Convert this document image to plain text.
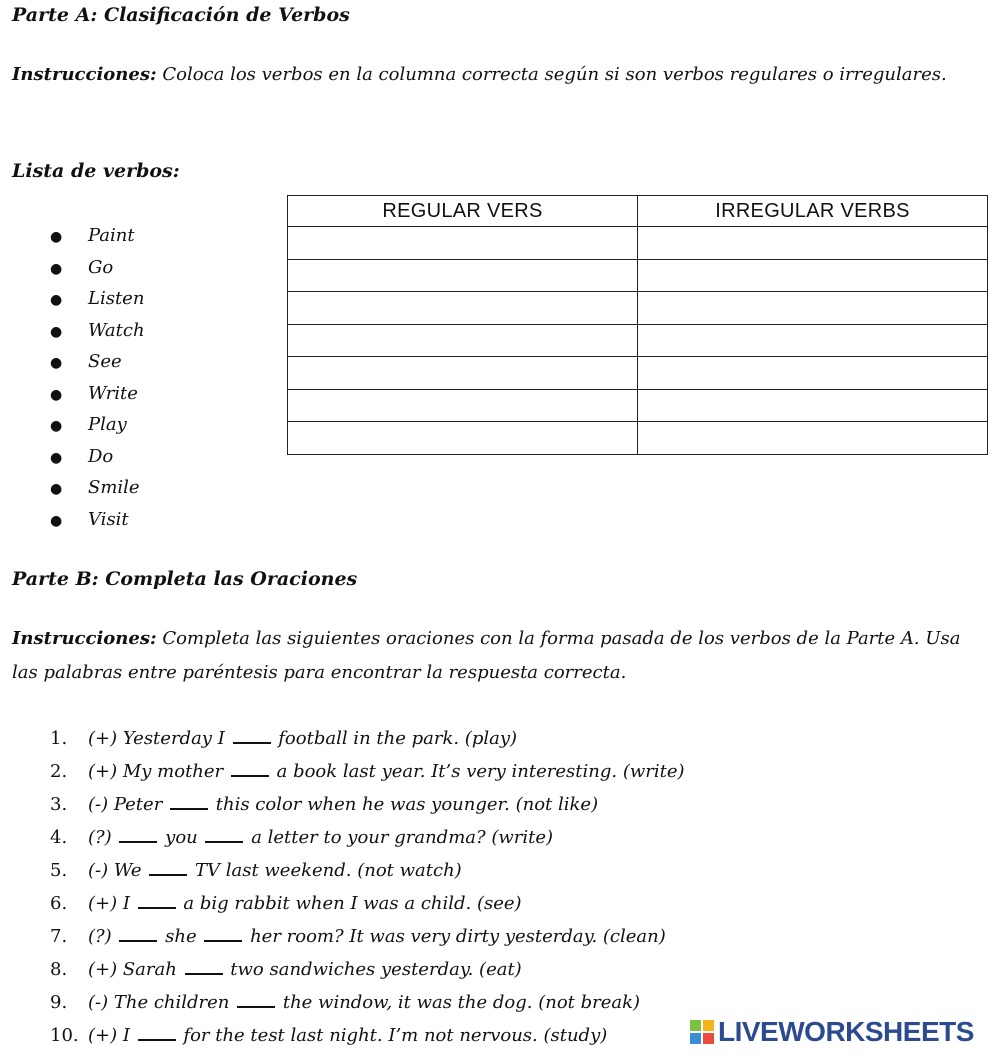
Parte A: Clasificación de Verbos
Instrucciones: Coloca los verbos en la columna correcta según si son verbos regulares o irregulares.
Lista de verbos:
● Paint
● Go
● Listen
● Watch
● See
● Write
● Play
● Do
● Smile
● Visit
REGULAR VERS	IRREGULAR VERBS

Parte B: Completa las Oraciones
Instrucciones: Completa las siguientes oraciones con la forma pasada de los verbos de la Parte A. Usa las palabras entre paréntesis para encontrar la respuesta correcta.
1. (+) Yesterday I  football in the park. (play)
2. (+) My mother  a book last year. It’s very interesting. (write)
3. (-) Peter  this color when he was younger. (not like)
4. (?)  you  a letter to your grandma? (write)
5. (-) We  TV last weekend. (not watch)
6. (+) I  a big rabbit when I was a child. (see)
7. (?)  she  her room? It was very dirty yesterday. (clean)
8. (+) Sarah  two sandwiches yesterday. (eat)
9. (-) The children  the window, it was the dog. (not break)
10. (+) I  for the test last night. I’m not nervous. (study)	LIVEWORKSHEETS
